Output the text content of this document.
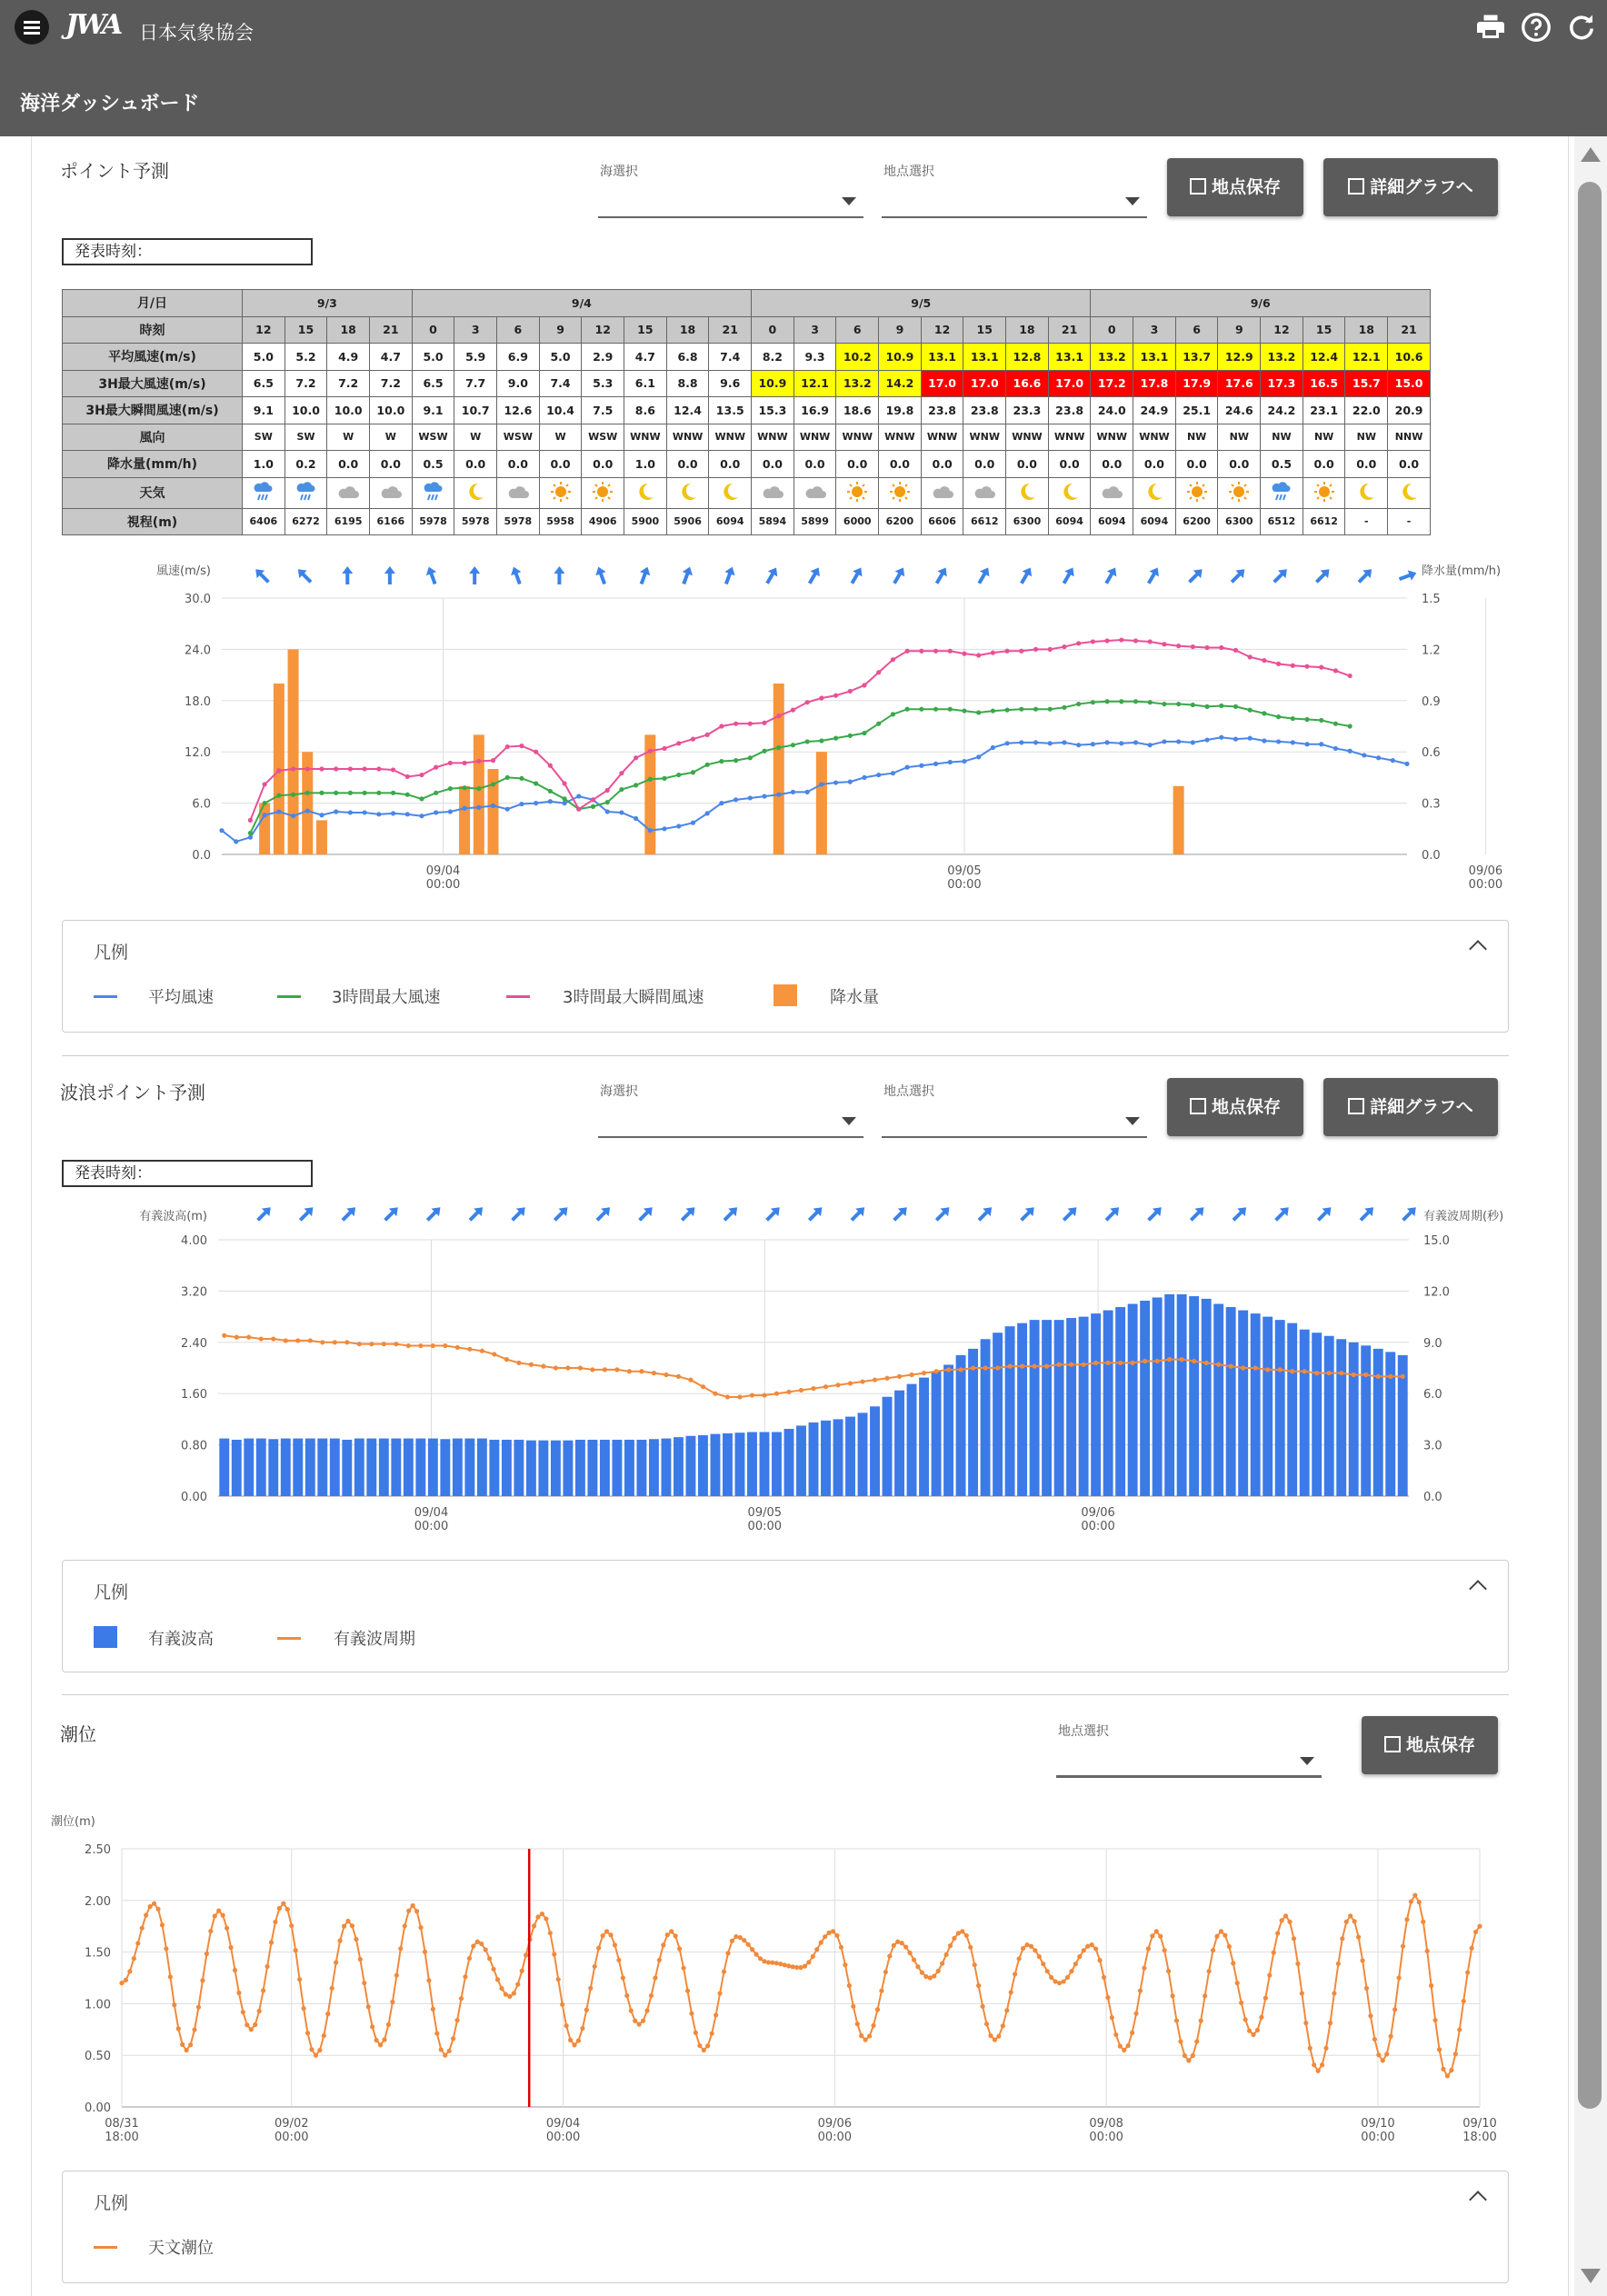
JWA 日本気象協会
海洋ダッシュボード
ポイント予測	海選択	地点選択
地点保存	詳細グラフへ
発表時刻：
月/日	9/3				9/4								9/5								9/6							
時刻	12	15	18	21	0	3	6	9	12	15	18	21	0	3	6	9	12	15	18	21	0	3	6	9	12	15	18	21
平均風速(m/s)	5.0	5.2	4.9	4.7	5.0	5.9	6.9	5.0	2.9	4.7	6.8	7.4	8.2	9.3	10.2	10.9	13.1	13.1	12.8	13.1	13.2	13.1	13.7	12.9	13.2	12.4	12.1	10.6
3H最大風速(m/s)	6.5	7.2	7.2	7.2	6.5	7.7	9.0	7.4	5.3	6.1	8.8	9.6	10.9	12.1	13.2	14.2	17.0	17.0	16.6	17.0	17.2	17.8	17.9	17.6	17.3	16.5	15.7	15.0
3H最大瞬間風速(m/s)	9.1	10.0	10.0	10.0	9.1	10.7	12.6	10.4	7.5	8.6	12.4	13.5	15.3	16.9	18.6	19.8	23.8	23.8	23.3	23.8	24.0	24.9	25.1	24.6	24.2	23.1	22.0	20.9
風向	SW	SW	W	W	WSW	W	WSW	W	WSW	WNW	WNW	WNW	WNW	WNW	WNW	WNW	WNW	WNW	WNW	WNW	WNW	WNW	NW	NW	NW	NW	NW	NNW
降水量(mm/h)	1.0	0.2	0.0	0.0	0.5	0.0	0.0	0.0	0.0	1.0	0.0	0.0	0.0	0.0	0.0	0.0	0.0	0.0	0.0	0.0	0.0	0.0	0.0	0.0	0.5	0.0	0.0	0.0
天気																												
視程(m)	6406	6272	6195	6166	5978	5978	5978	5958	4906	5900	5906	6094	5894	5899	6000	6200	6606	6612	6300	6094	6094	6094	6200	6300	6512	6612	-	-
風速(m/s)	降水量(mm/h)
30.0	1.5
24.0	1.2
18.0	0.9
12.0	0.6
6.0	0.3
0.0	0.0
09/04
00:00
09/05
00:00
09/06
00:00
凡例
平均風速	3時間最大風速	3時間最大瞬間風速	降水量
波浪ポイント予測	海選択	地点選択
地点保存	詳細グラフへ
発表時刻：
有義波高(m)	有義波周期(秒)
4.00	15.0
3.20	12.0
2.40	9.0
1.60	6.0
0.80	3.0
0.00	0.0
09/04
00:00
09/05
00:00
09/06
00:00
凡例
有義波高	有義波周期
潮位	地点選択
地点保存
潮位(m)
2.50
2.00
1.50
1.00
0.50
0.00
08/31
18:00
09/02
00:00
09/04
00:00
09/06
00:00
09/08
00:00
09/10
00:00
09/10
18:00
凡例
天文潮位
